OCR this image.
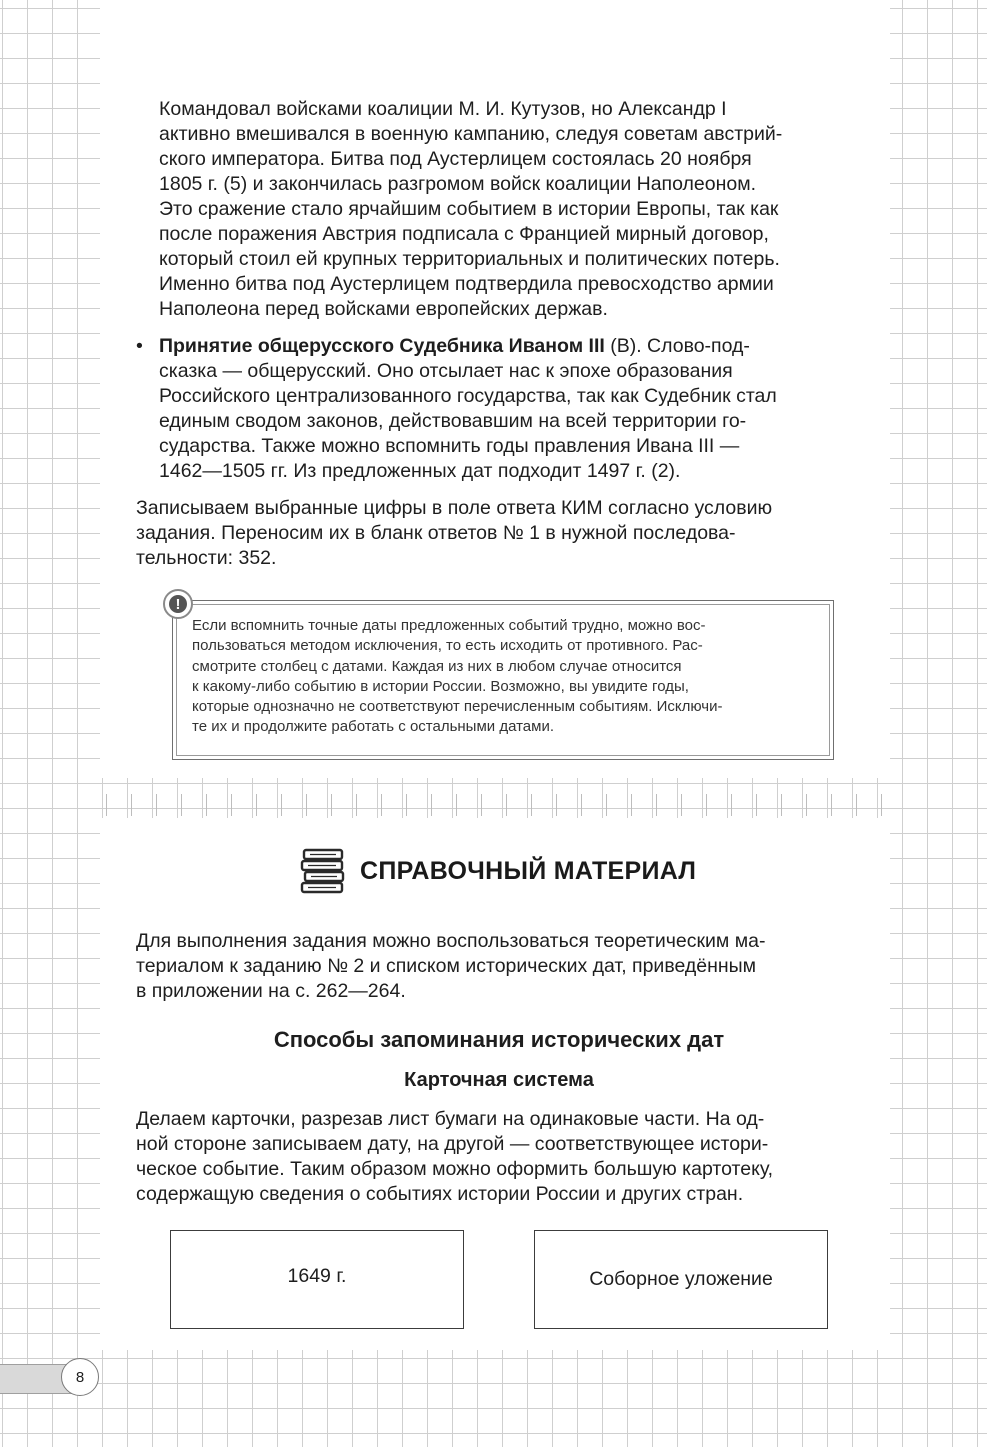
Командовал войсками коалиции М. И. Кутузов, но Александр I

активно вмешивался в военную кампанию, следуя советам австрий-

ского императора. Битва под Аустерлицем состоялась 20 ноября

1805 г. (5) и закончилась разгромом войск коалиции Наполеоном.

Это сражение стало ярчайшим событием в истории Европы, так как

после поражения Австрия подписала с Францией мирный договор,

который стоил ей крупных территориальных и политических потерь.

Именно битва под Аустерлицем подтвердила превосходство армии

Наполеона перед войсками европейских держав.

• Принятие общерусского Судебника Иваном III (В). Слово-под-

сказка — общерусский. Оно отсылает нас к эпохе образования

Российского централизованного государства, так как Судебник стал

единым сводом законов, действовавшим на всей территории го-

сударства. Также можно вспомнить годы правления Ивана III —

1462—1505 гг. Из предложенных дат подходит 1497 г. (2).

Записываем выбранные цифры в поле ответа КИМ согласно условию

задания. Переносим их в бланк ответов № 1 в нужной последова-

тельности: 352.

!
Если вспомнить точные даты предложенных событий трудно, можно вос-
пользоваться методом исключения, то есть исходить от противного. Рас-
смотрите столбец с датами. Каждая из них в любом случае относится
к какому-либо событию в истории России. Возможно, вы увидите годы,
которые однозначно не соответствуют перечисленным событиям. Исключи-
те их и продолжите работать с остальными датами.
СПРАВОЧНЫЙ МАТЕРИАЛ

Для выполнения задания можно воспользоваться теоретическим ма-

териалом к заданию № 2 и списком исторических дат, приведённым

в приложении на с. 262—264.

Способы запоминания исторических дат
Карточная система

Делаем карточки, разрезав лист бумаги на одинаковые части. На од-

ной стороне записываем дату, на другой — соответствующее истори-

ческое событие. Таким образом можно оформить большую картотеку,

содержащую сведения о событиях истории России и других стран.

1649 г.	Соборное уложение
8
